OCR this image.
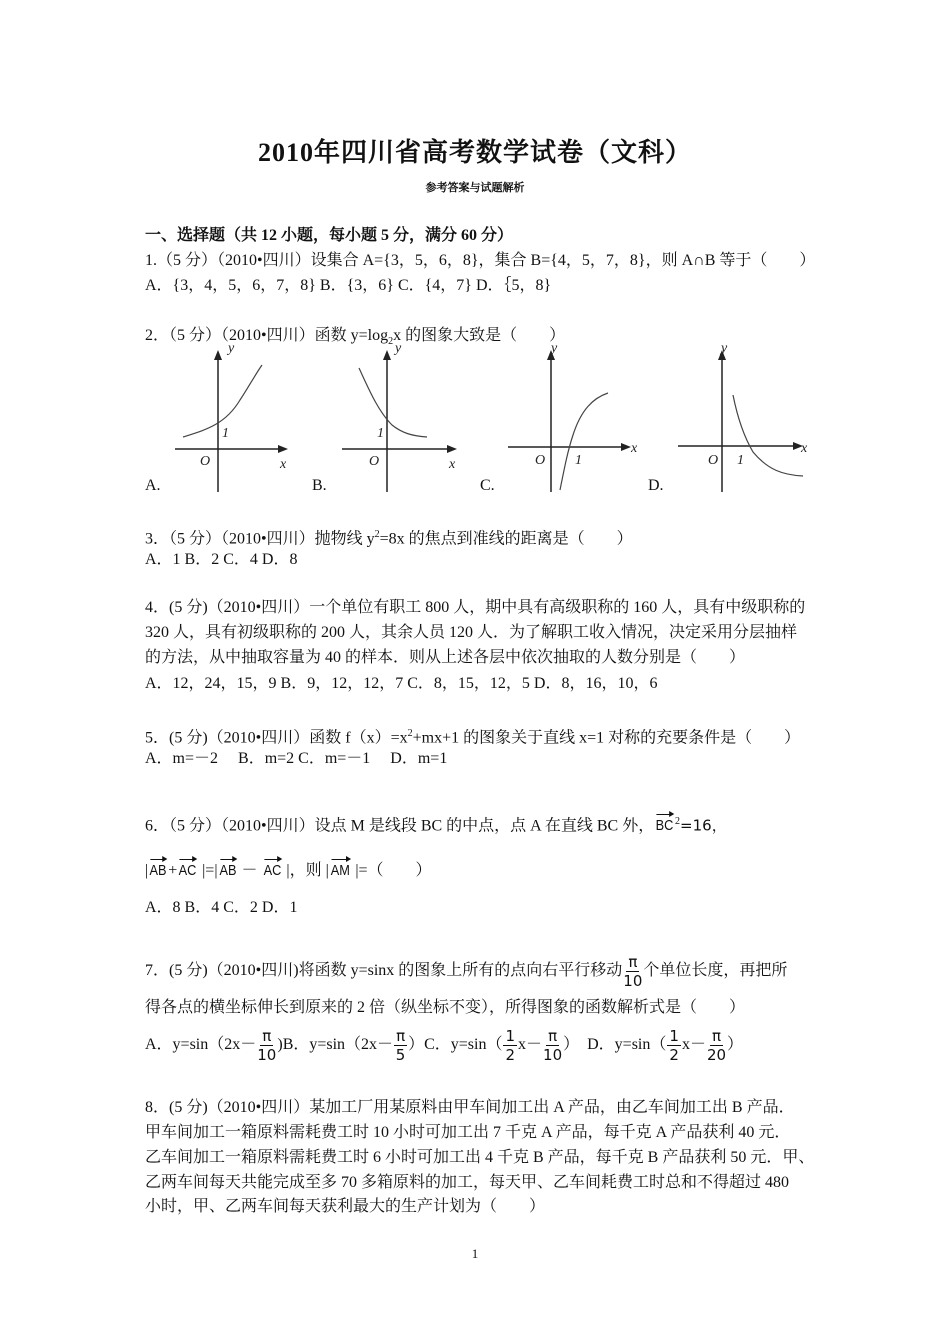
2010年四川省高考数学试卷（文科）
参考答案与试题解析
一、选择题（共 12 小题，每小题 5 分，满分 60 分）
1.（5 分）（2010•四川）设集合 A={3，5，6，8}，集合 B={4，5，7，8}，则 A∩B 等于（　　）
A．{3，4，5，6，7，8} B．{3，6} C．{4，7} D．｛5，8}
2．（5 分）（2010•四川）函数 $y=\log_2x$ 的图象大致是（　　）
y
x
O
1
y
x
O
1
y
x
O 1
y
x
O 1
A.	B.	C.	D.
3．（5 分）（2010•四川）抛物线 $y^2=8x$ 的焦点到准线的距离是（　　）
A．1 B．2 C．4 D．8
4．(5 分)（2010•四川）一个单位有职工 800 人，期中具有高级职称的 160 人，具有中级职称的
320 人，具有初级职称的 200 人，其余人员 120 人．为了解职工收入情况，决定采用分层抽样
的方法，从中抽取容量为 40 的样本．则从上述各层中依次抽取的人数分别是（　　）
A．12，24，15，9 B．9，12，12，7 C．8，15，12，5 D．8，16，10，6
5．(5 分)（2010•四川）函数 $f(x)=x^2+mx+1$ 的图象关于直线 x=1 对称的充要条件是（　　）
A．m=－2　 B．m=2 C．m=－1　 D．m=1
6．（5 分）（2010•四川）设点 M 是线段 BC 的中点，点 A 在直线 BC 外， BC $^2$=16，
| AB+ AC |=| AB － AC |，则 | AM |=（　　）
A．8 B．4 C．2 D．1
7．(5 分)（2010•四川)将函数 y=sinx 的图象上所有的点向右平行移动 $\frac{\pi}{10}$ 个单位长度，再把所
得各点的横坐标伸长到原来的 2 倍（纵坐标不变），所得图象的函数解析式是（　　）
A．$y=\sin(2x- \frac{\pi}{10} )B$．$y=\sin(2x- \frac{\pi}{5} )C$．$y=\sin( \frac{1}{2} x- \frac{\pi}{10}$ ）　D．$y=\sin( \frac{1}{2} x- \frac{\pi}{20}$ ）
8．(5 分)（2010•四川）某加工厂用某原料由甲车间加工出 A 产品，由乙车间加工出 B 产品．
甲车间加工一箱原料需耗费工时 10 小时可加工出 7 千克 A 产品，每千克 A 产品获利 40 元．
乙车间加工一箱原料需耗费工时 6 小时可加工出 4 千克 B 产品，每千克 B 产品获利 50 元．甲、
乙两车间每天共能完成至多 70 多箱原料的加工，每天甲、乙车间耗费工时总和不得超过 480
小时，甲、乙两车间每天获利最大的生产计划为（　　）
1
